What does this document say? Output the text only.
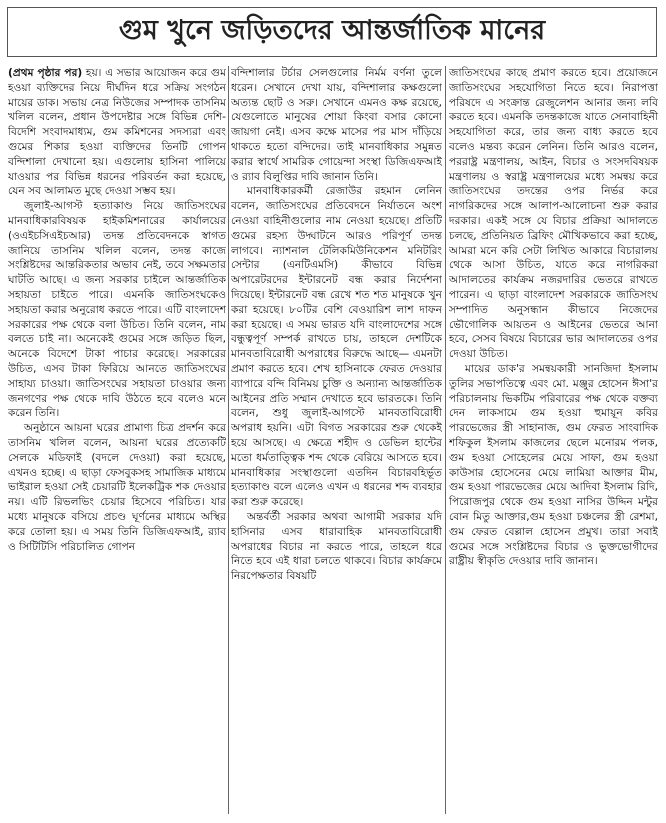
গুম খুনে জড়িতদের আন্তর্জাতিক মানের

(প্রথম পৃষ্ঠার পর) হয়। এ সভার আয়োজন করে গুম হওয়া ব্যক্তিদের নিয়ে দীর্ঘদিন ধরে সক্রিয় সংগঠন মায়ের ডাক। সভায় নেত্র নিউজের সম্পাদক তাসনিম খলিল বলেন, প্রধান উপদেষ্টার সঙ্গে বিভিন্ন দেশি-বিদেশি সংবাদমাধ্যম, গুম কমিশনের সদস্যরা এবং গুমের শিকার হওয়া ব্যক্তিদের তিনটি গোপন বন্দিশালা দেখানো হয়। এগুলোয় হাসিনা পালিয়ে যাওয়ার পর বিভিন্ন ধরনের পরিবর্তন করা হয়েছে, যেন সব আলামত মুছে দেওয়া সম্ভব হয়।

জুলাই-আগস্ট হত্যাকাণ্ড নিয়ে জাতিসংঘের মানবাধিকারবিষয়ক হাইকমিশনারের কার্যালয়ের (ওএইচসিএইচআর) তদন্ত প্রতিবেদনকে স্বাগত জানিয়ে তাসনিম খলিল বলেন, তদন্ত কাজে সংশ্লিষ্টদের আন্তরিকতার অভাব নেই, তবে সক্ষমতার ঘাটতি আছে। এ জন্য সরকার চাইলে আন্তর্জাতিক সহায়তা চাইতে পারে। এমনকি জাতিসংঘকেও সহায়তা করার অনুরোধ করতে পারে। এটি বাংলাদেশ সরকারের পক্ষ থেকে বলা উচিত। তিনি বলেন, নাম বলতে চাই না। অনেকেই গুমের সঙ্গে জড়িত ছিল, অনেকে বিদেশে টাকা পাচার করেছে। সরকারের উচিত, এসব টাকা ফিরিয়ে আনতে জাতিসংঘের সাহায্য চাওয়া। জাতিসংঘের সহায়তা চাওয়ার জন্য জনগণের পক্ষ থেকে দাবি উঠতে হবে বলেও মনে করেন তিনি।

অনুষ্ঠানে আয়না ঘরের প্রামাণ্য চিত্র প্রদর্শন করে তাসনিম খলিল বলেন, আয়না ঘরের প্রত্যেকটি সেলকে মডিফাই (বদলে দেওয়া) করা হয়েছে, এখনও হচ্ছে। এ ছাড়া ফেসবুকসহ সামাজিক মাধ্যমে ভাইরাল হওয়া সেই চেয়ারটি ইলেকট্রিক শক দেওয়ার নয়। এটি রিভলভিং চেয়ার হিসেবে পরিচিত। যার মধ্যে মানুষকে বসিয়ে প্রচণ্ড ঘূর্ণনের মাধ্যমে অস্থির করে তোলা হয়। এ সময় তিনি ডিজিএফআই, র‍্যাব ও সিটিটিসি পরিচালিত গোপন

বন্দিশালার টর্চার সেলগুলোর নির্মম বর্ণনা তুলে ধরেন। সেখানে দেখা যায়, বন্দিশালার কক্ষগুলো অত্যন্ত ছোট ও সরু। সেখানে এমনও কক্ষ রয়েছে, যেগুলোতে মানুষের শোয়া কিংবা বসার কোনো জায়গা নেই। এসব কক্ষে মাসের পর মাস দাঁড়িয়ে থাকতে হতো বন্দিদের। তাই মানবাধিকার সমুন্নত করার স্বার্থে সামরিক গোয়েন্দা সংস্থা ডিজিএফআই ও র‍্যাব বিলুপ্তির দাবি জানান তিনি।

মানবাধিকারকর্মী রেজাউর রহমান লেনিন বলেন, জাতিসংঘের প্রতিবেদনে নির্যাতনে অংশ নেওয়া বাহিনীগুলোর নাম নেওয়া হয়েছে। প্রতিটি গুমের রহস্য উদ্ঘাটনে আরও পরিপূর্ণ তদন্ত লাগবে। ন্যাশনাল টেলিকমিউনিকেশন মনিটরিং সেন্টার (এনটিএমসি) কীভাবে বিভিন্ন অপারেটরদের ইন্টারনেট বন্ধ করার নির্দেশনা দিয়েছে। ইন্টারনেট বন্ধ রেখে শত শত মানুষকে খুন করা হয়েছে। ৮০টির বেশি বেওয়ারিশ লাশ দাফন করা হয়েছে। এ সময় ভারত যদি বাংলাদেশের সঙ্গে বন্ধুত্বপূর্ণ সম্পর্ক রাখতে চায়, তাহলে দেশটিকে মানবতাবিরোধী অপরাধের বিরুদ্ধে আছে— এমনটা প্রমাণ করতে হবে। শেখ হাসিনাকে ফেরত দেওয়ার ব্যাপারে বন্দি বিনিময় চুক্তি ও অন্যান্য আন্তর্জাতিক আইনের প্রতি সম্মান দেখাতে হবে ভারতকে। তিনি বলেন, শুধু জুলাই-আগস্টে মানবতাবিরোধী অপরাধ হয়নি। এটা বিগত সরকারের শুরু থেকেই হয়ে আসছে। এ ক্ষেত্রে শহীদ ও ডেভিল হান্টের মতো ধর্মতাত্ত্বিক শব্দ থেকে বেরিয়ে আসতে হবে। মানবাধিকার সংস্থাগুলো এতদিন বিচারবহির্ভূত হত্যাকাণ্ড বলে এলেও এখন এ ধরনের শব্দ ব্যবহার করা শুরু করেছে।

অন্তর্বর্তী সরকার অথবা আগামী সরকার যদি হাসিনার এসব ধারাবাহিক মানবতাবিরোধী অপরাধের বিচার না করতে পারে, তাহলে ধরে নিতে হবে এই ধারা চলতে থাকবে। বিচার কার্যক্রমে নিরপেক্ষতার বিষয়টি

জাতিসংঘের কাছে প্রমাণ করতে হবে। প্রয়োজনে জাতিসংঘের সহযোগিতা নিতে হবে। নিরাপত্তা পরিষদে এ সংক্রান্ত রেজুলেশন আনার জন্য লবি করতে হবে। এমনকি তদন্তকাজে যাতে সেনাবাহিনী সহযোগিতা করে, তার জন্য বাধ্য করতে হবে বলেও মন্তব্য করেন লেনিন। তিনি আরও বলেন, পররাষ্ট্র মন্ত্রণালয়, আইন, বিচার ও সংসদবিষয়ক মন্ত্রণালয় ও স্বরাষ্ট্র মন্ত্রণালয়ের মধ্যে সমন্বয় করে জাতিসংঘের তদন্তের ওপর নির্ভর করে নাগরিকদের সঙ্গে আলাপ-আলোচনা শুরু করার দরকার। একই সঙ্গে যে বিচার প্রক্রিয়া আদালতে চলছে, প্রতিনিয়ত ব্রিফিং মৌখিকভাবে করা হচ্ছে, আমরা মনে করি সেটা লিখিত আকারে বিচারালয় থেকে আসা উচিত, যাতে করে নাগরিকরা আদালতের কার্যক্রম নজরদারির ভেতরে রাখতে পারেন। এ ছাড়া বাংলাদেশ সরকারকে জাতিসংঘ সম্পাদিত অনুসন্ধান কীভাবে নিজেদের ভৌগোলিক আয়তন ও আইনের ভেতরে আনা হবে, সেসব বিষয়ে বিচারের ভার আদালতের ওপর দেওয়া উচিত।

মায়ের ডাক'র সমন্বয়কারী সানজিদা ইসলাম তুলির সভাপতিত্বে এবং মো. মঞ্জুর হোসেন ঈসা'র পরিচালনায় ভিকটিম পরিবারের পক্ষ থেকে বক্তব্য দেন লাকসামে গুম হওয়া হুমায়ূন কবির পারভেজের স্ত্রী সাহানাজ, গুম ফেরত সাংবাদিক শফিকুল ইসলাম কাজলের ছেলে মনোরম পলক, গুম হওয়া সোহেলের মেয়ে সাফা, গুম হওয়া কাউসার হোসেনের মেয়ে লামিয়া আক্তার মীম, গুম হওয়া পারভেজের মেয়ে আদিবা ইসলাম রিদি, পিরোজপুর থেকে গুম হওয়া নাসির উদ্দিন মন্টুর বোন মিতু আক্তার,গুম হওয়া চঞ্চলের স্ত্রী রেশমা, গুম ফেরত বেল্লাল হোসেন প্রমুখ। তারা সবাই গুমের সঙ্গে সংশ্লিষ্টদের বিচার ও ভুক্তভোগীদের রাষ্ট্রীয় স্বীকৃতি দেওয়ার দাবি জানান।
